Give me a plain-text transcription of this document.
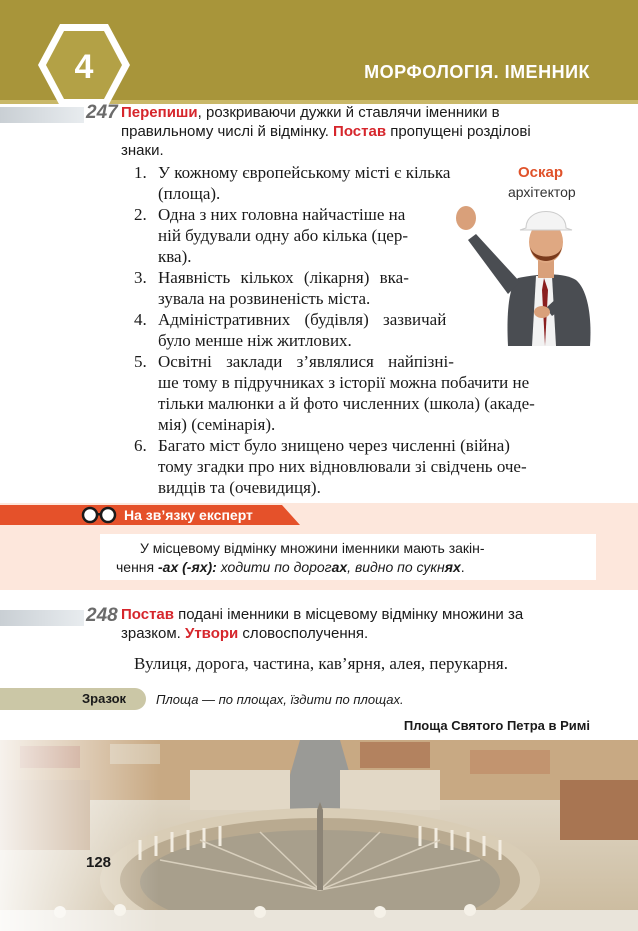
4	МОРФОЛОГІЯ. ІМЕННИК
247 Перепиши, розкриваючи дужки й ставлячи іменники в правильному числі й відмінку. Постав пропущені розділові знаки.
1. У кожному європейському місті є кілька
(площа).
2. Одна з них головна найчастіше на
ній будували одну або кілька (цер-
ква).
3. Наявність кількох (лікарня) вка-
зувала на розвиненість міста.
4. Адміністративних (будівля) зазвичай
було менше ніж житлових.
5. Освітні заклади з’являлися найпізні-
ше тому в підручниках з історії можна побачити не
тільки малюнки а й фото численних (школа) (акаде-
мія) (семінарія).
6. Багато міст було знищено через численні (війна)
тому згадки про них відновлювали зі свідчень оче-
видців та (очевидиця).
Оскар
архітектор
На зв’язку експерт
У місцевому відмінку множини іменники мають закін-
чення -ах (-ях): ходити по дорогах, видно по сукнях.
248 Постав подані іменники в місцевому відмінку множини за
зразком. Утвори словосполучення.
Вулиця, дорога, частина, кав’ярня, алея, перукарня.
Зразок Площа — по площах, їздити по площах.
Площа Святого Петра в Римі
128
